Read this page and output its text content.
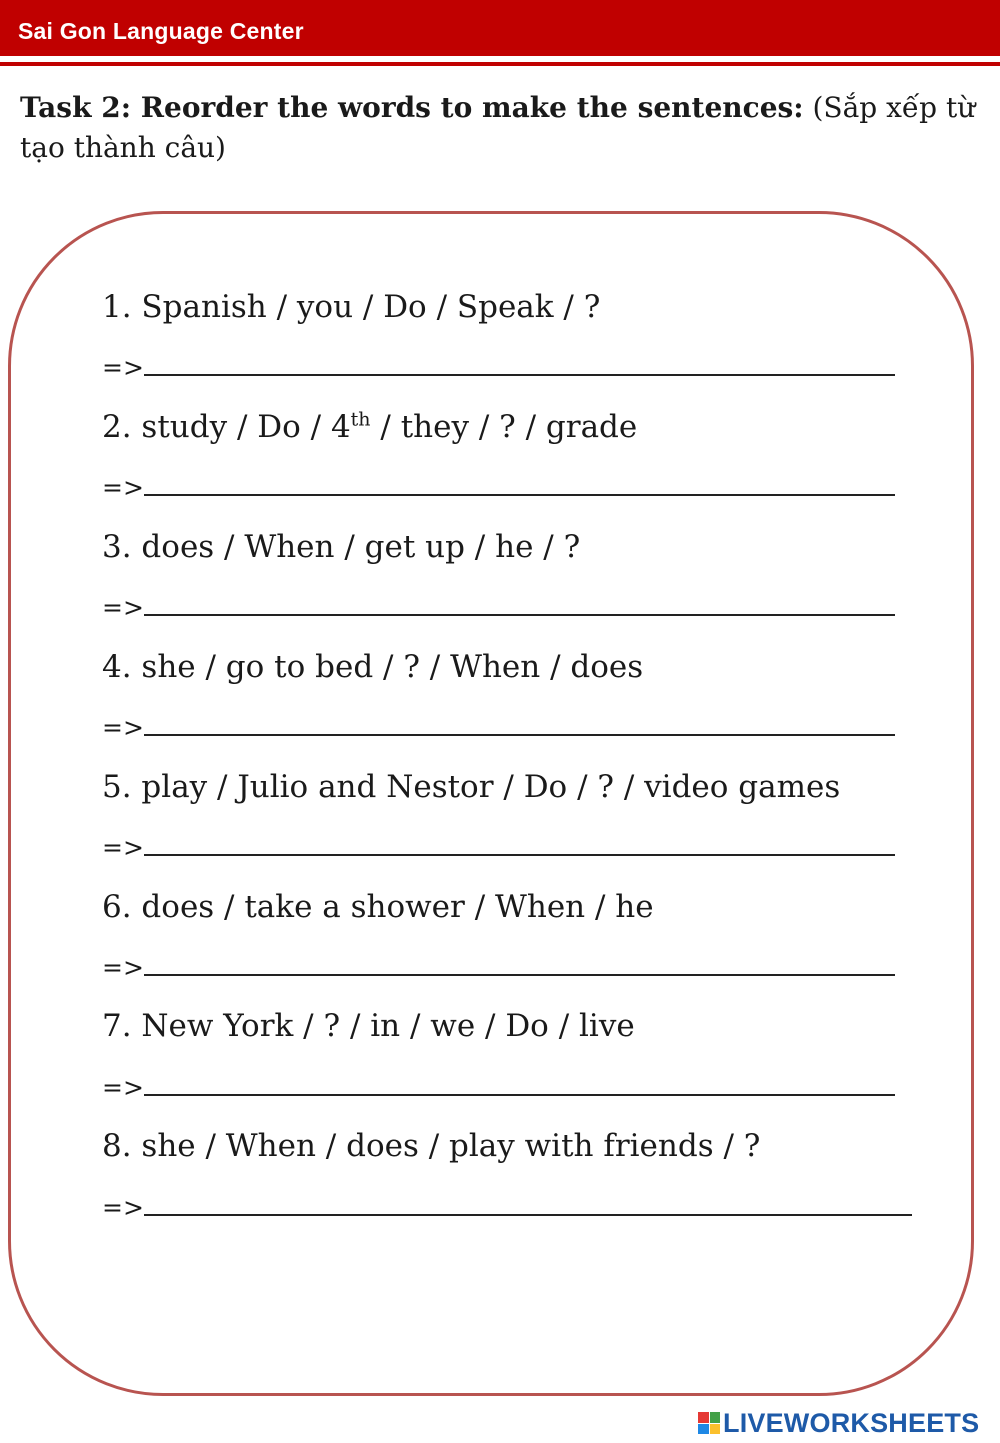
Sai Gon Language Center
Task 2: Reorder the words to make the sentences: (Sắp xếp từ tạo thành câu)
1. Spanish / you / Do / Speak / ?
=>
2. study / Do / 4th / they / ? / grade
=>
3. does / When / get up / he / ?
=>
4. she / go to bed / ? / When / does
=>
5. play / Julio and Nestor / Do / ? / video games
=>
6. does / take a shower / When / he
=>
7. New York / ? / in / we / Do / live
=>
8. she / When / does / play with friends / ?
=>
LIVEWORKSHEETS
